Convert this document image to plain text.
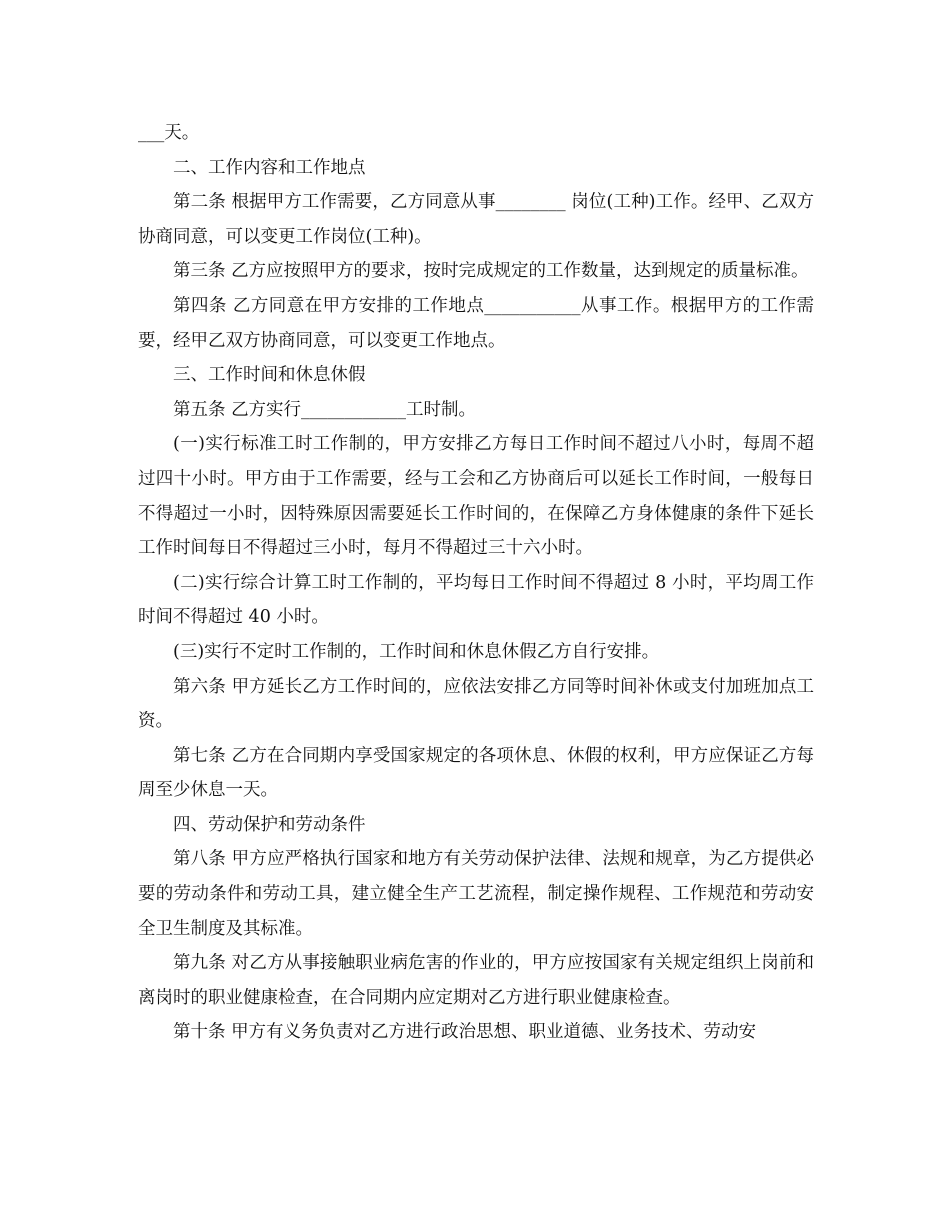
___天。

二、工作内容和工作地点

第二条 根据甲方工作需要，乙方同意从事________ 岗位(工种)工作。经甲、乙双方协商同意，可以变更工作岗位(工种)。

第三条 乙方应按照甲方的要求，按时完成规定的工作数量，达到规定的质量标准。

第四条 乙方同意在甲方安排的工作地点___________从事工作。根据甲方的工作需要，经甲乙双方协商同意，可以变更工作地点。

三、工作时间和休息休假

第五条 乙方实行____________工时制。

(一)实行标准工时工作制的，甲方安排乙方每日工作时间不超过八小时，每周不超过四十小时。甲方由于工作需要，经与工会和乙方协商后可以延长工作时间，一般每日不得超过一小时，因特殊原因需要延长工作时间的，在保障乙方身体健康的条件下延长工作时间每日不得超过三小时，每月不得超过三十六小时。

(二)实行综合计算工时工作制的，平均每日工作时间不得超过 8 小时，平均周工作时间不得超过 40 小时。

(三)实行不定时工作制的，工作时间和休息休假乙方自行安排。

第六条 甲方延长乙方工作时间的，应依法安排乙方同等时间补休或支付加班加点工资。

第七条 乙方在合同期内享受国家规定的各项休息、休假的权利，甲方应保证乙方每周至少休息一天。

四、劳动保护和劳动条件

第八条 甲方应严格执行国家和地方有关劳动保护法律、法规和规章，为乙方提供必要的劳动条件和劳动工具，建立健全生产工艺流程，制定操作规程、工作规范和劳动安全卫生制度及其标准。

第九条 对乙方从事接触职业病危害的作业的，甲方应按国家有关规定组织上岗前和离岗时的职业健康检查，在合同期内应定期对乙方进行职业健康检查。

第十条 甲方有义务负责对乙方进行政治思想、职业道德、业务技术、劳动安
